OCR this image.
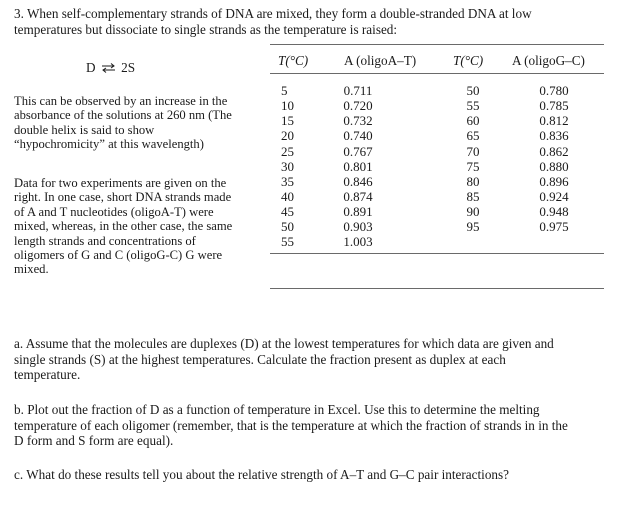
3. When self-complementary strands of DNA are mixed, they form a double-stranded DNA at low
temperatures but dissociate to single strands as the temperature is raised:
D ⇌ 2S
This can be observed by an increase in the
absorbance of the solutions at 260 nm (The
double helix is said to show
“hypochromicity” at this wavelength)
Data for two experiments are given on the
right. In one case, short DNA strands made
of A and T nucleotides (oligoA-T) were
mixed, whereas, in the other case, the same
length strands and concentrations of
oligomers of G and C (oligoG-C) G were
mixed.
T(°C)	A (oligoA–T)	T(°C) A (oligoG–C)
5
10
15
20
25
30
35
40
45
50
55
0.711
0.720
0.732
0.740
0.767
0.801
0.846
0.874
0.891
0.903
1.003
50
55
60
65
70
75
80
85
90
95
0.780
0.785
0.812
0.836
0.862
0.880
0.896
0.924
0.948
0.975
a. Assume that the molecules are duplexes (D) at the lowest temperatures for which data are given and
single strands (S) at the highest temperatures. Calculate the fraction present as duplex at each
temperature.
b. Plot out the fraction of D as a function of temperature in Excel. Use this to determine the melting
temperature of each oligomer (remember, that is the temperature at which the fraction of strands in in the
D form and S form are equal).
c. What do these results tell you about the relative strength of A–T and G–C pair interactions?
